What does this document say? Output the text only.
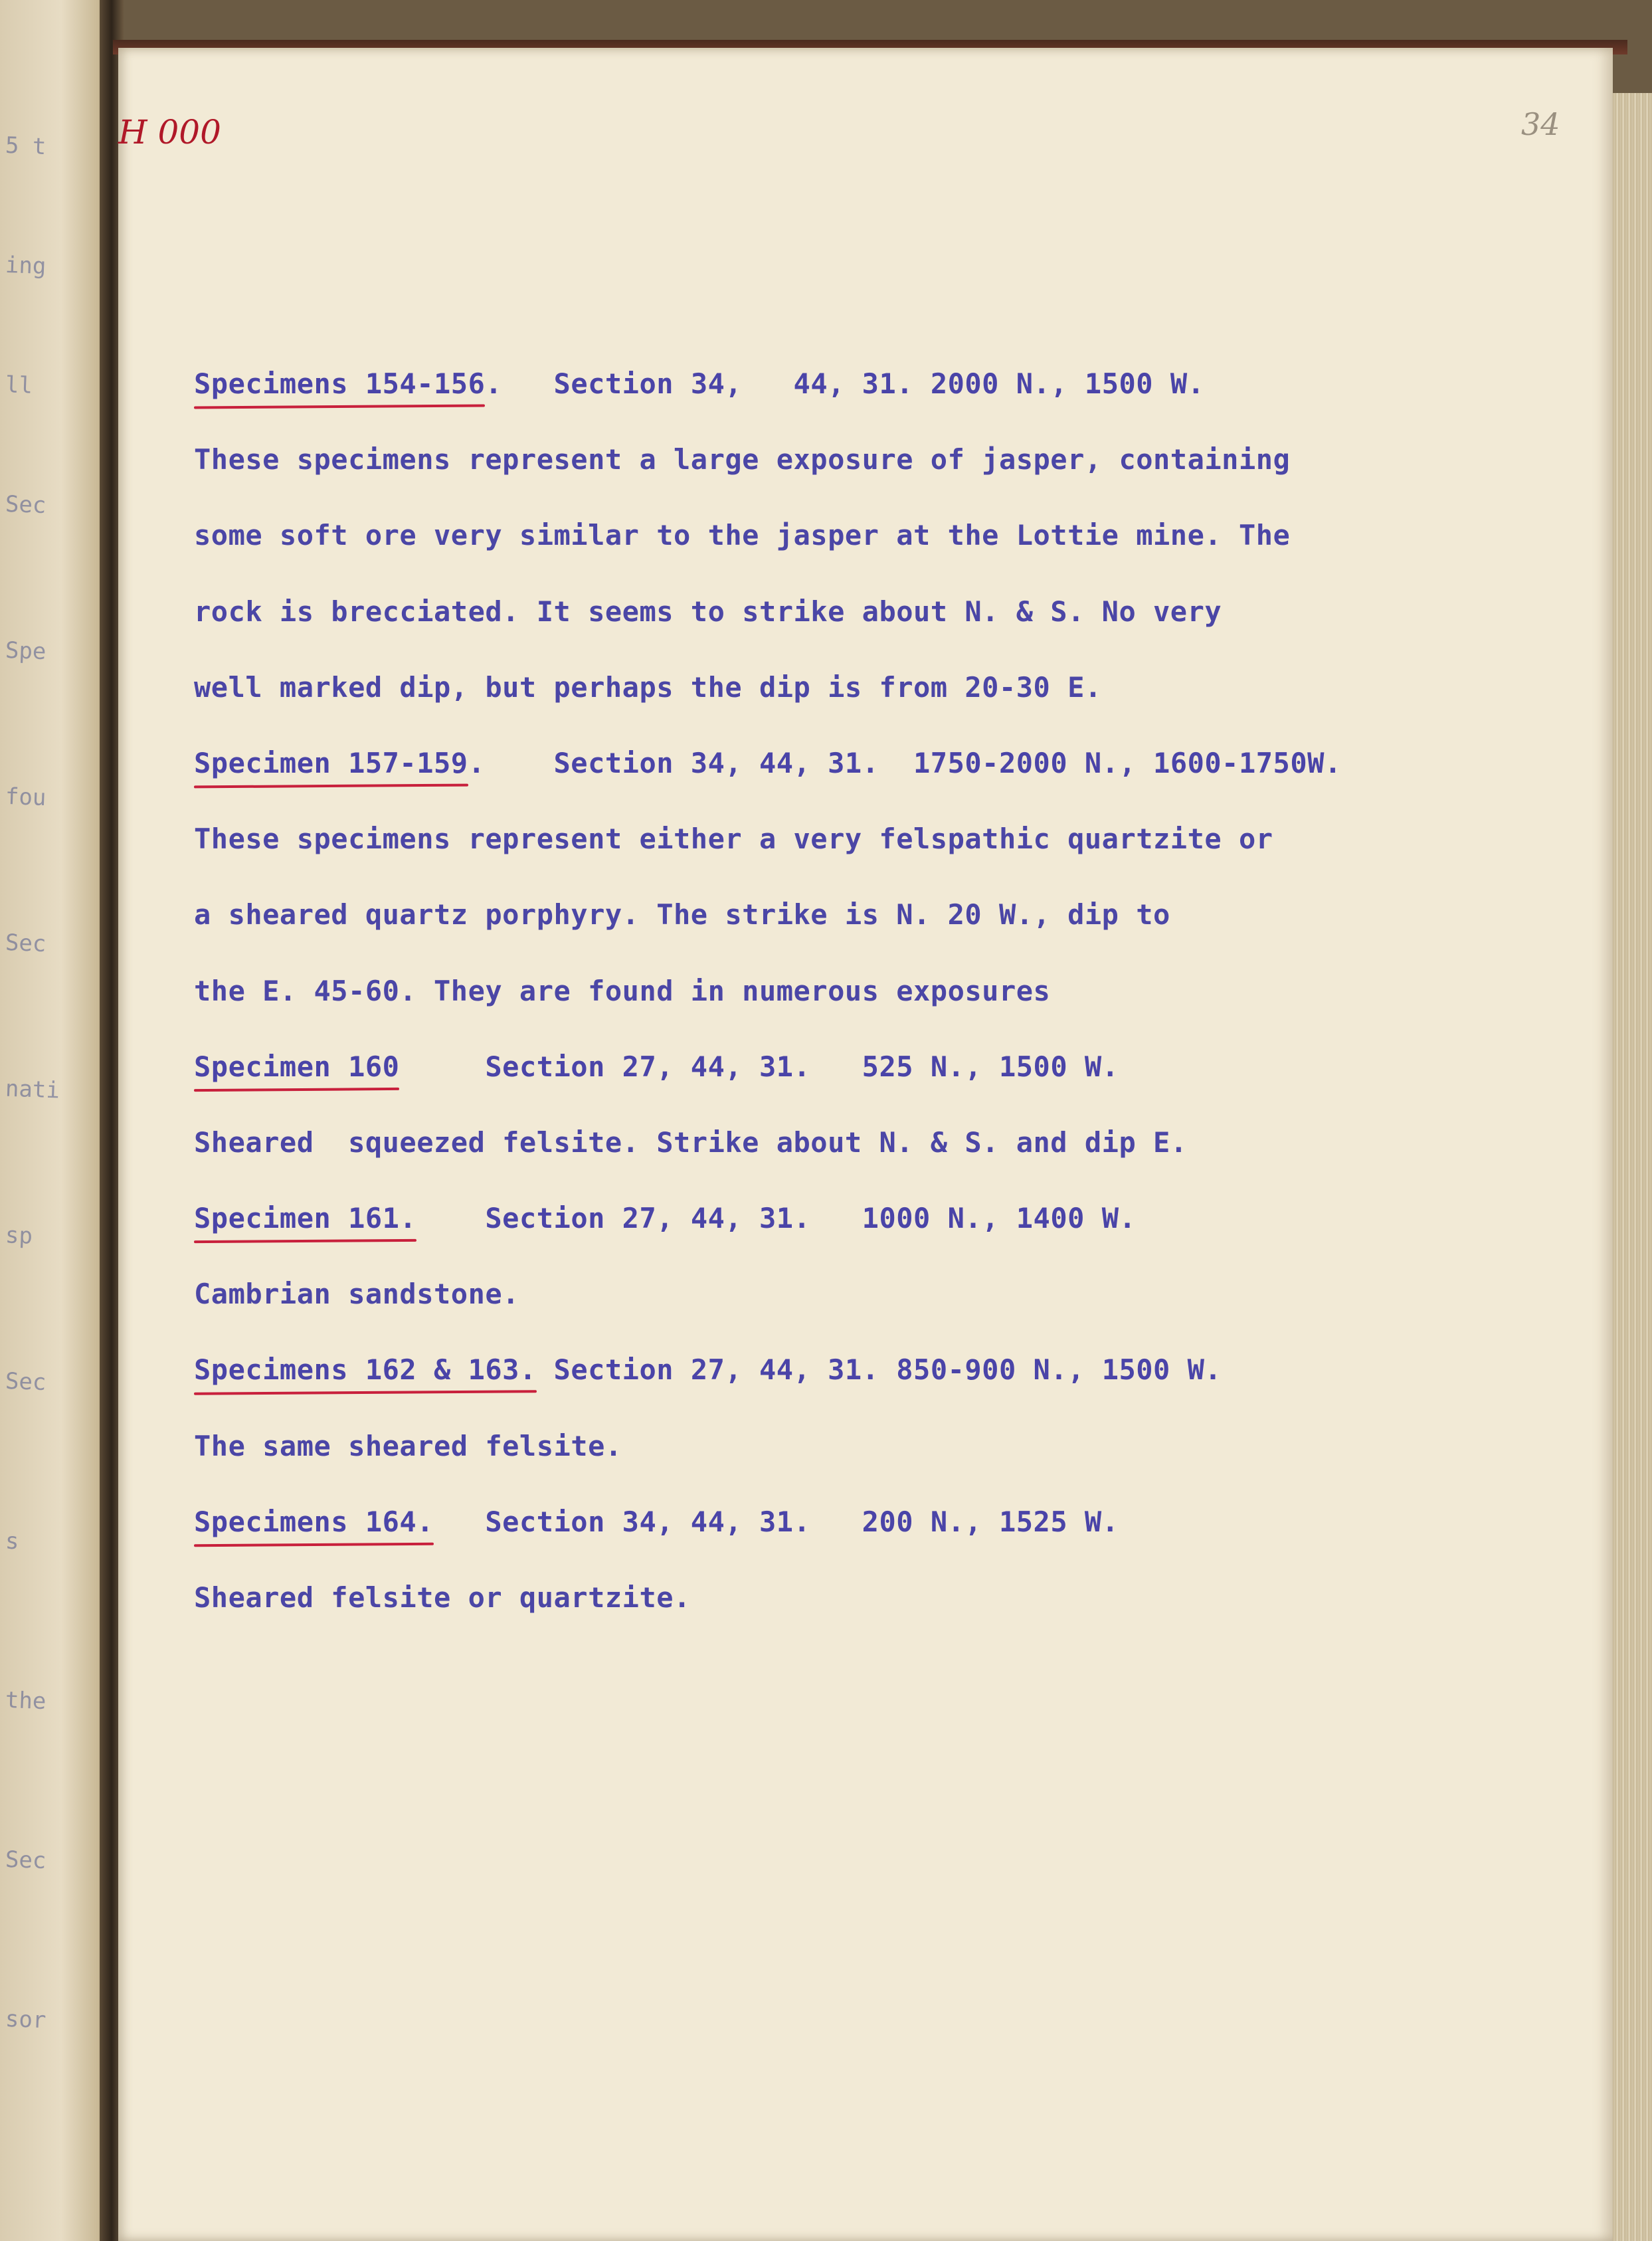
5 t
ing
ll
Sec
Spe
fou
Sec
nati
sp
Sec
s
the
Sec
sor
H 000	34
Specimens 154-156.   Section 34,   44, 31. 2000 N., 1500 W.
These specimens represent a large exposure of jasper, containing
some soft ore very similar to the jasper at the Lottie mine. The
rock is brecciated. It seems to strike about N. & S. No very
well marked dip, but perhaps the dip is from 20-30 E.
Specimen 157-159.    Section 34, 44, 31.  1750-2000 N., 1600-1750W.
These specimens represent either a very felspathic quartzite or
a sheared quartz porphyry. The strike is N. 20 W., dip to
the E. 45-60. They are found in numerous exposures
Specimen 160	Section 27, 44, 31.   525 N., 1500 W.
Sheared  squeezed felsite. Strike about N. & S. and dip E.
Specimen 161. Section 27, 44, 31.   1000 N., 1400 W.
Cambrian sandstone.
Specimens 162 & 163. Section 27, 44, 31. 850-900 N., 1500 W.
The same sheared felsite.
Specimens 164. Section 34, 44, 31.   200 N., 1525 W.
Sheared felsite or quartzite.
